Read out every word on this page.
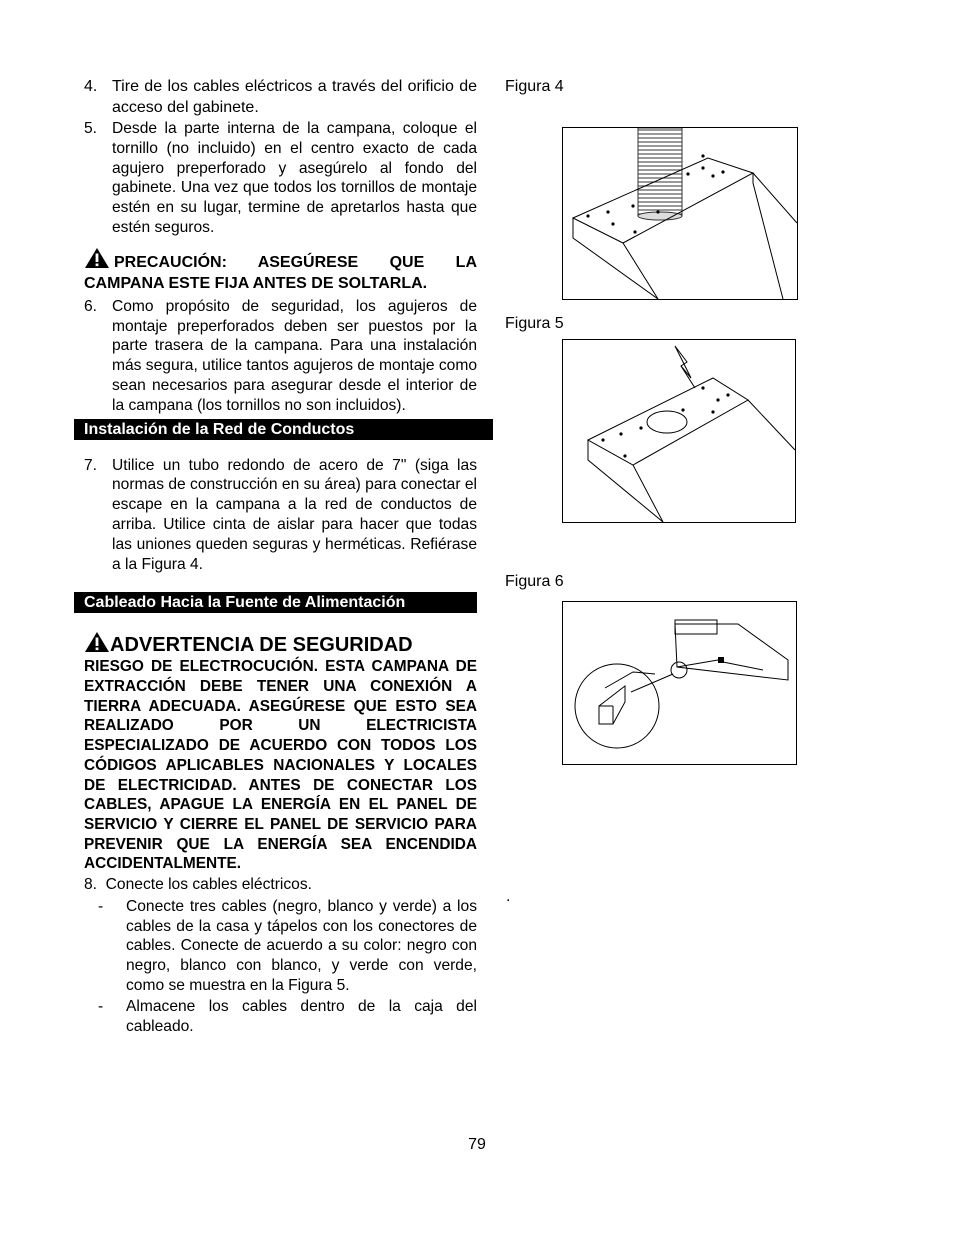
4. Tire de los cables eléctricos a través del orificio de acceso del gabinete.
5. Desde la parte interna de la campana, coloque el tornillo (no incluido) en el centro exacto de cada agujero preperforado y asegúrelo al fondo del gabinete. Una vez que todos los tornillos de montaje estén en su lugar, termine de apretarlos hasta que estén seguros.
PRECAUCIÓN: ASEGÚRESE QUE LA CAMPANA ESTE FIJA ANTES DE SOLTARLA.
6. Como propósito de seguridad, los agujeros de montaje preperforados deben ser puestos por la parte trasera de la campana. Para una instalación más segura, utilice tantos agujeros de montaje como sean necesarios para asegurar desde el interior de la campana (los tornillos no son incluidos).
Instalación de la Red de Conductos
7. Utilice un tubo redondo de acero de 7" (siga las normas de construcción en su área) para conectar el escape en la campana a la red de conductos de arriba. Utilice cinta de aislar para hacer que todas las uniones queden seguras y herméticas. Refiérase a la Figura 4.
Cableado Hacia la Fuente de Alimentación
ADVERTENCIA DE SEGURIDAD
RIESGO DE ELECTROCUCIÓN. ESTA CAMPANA DE EXTRACCIÓN DEBE TENER UNA CONEXIÓN A TIERRA ADECUADA. ASEGÚRESE QUE ESTO SEA REALIZADO POR UN ELECTRICISTA ESPECIALIZADO DE ACUERDO CON TODOS LOS CÓDIGOS APLICABLES NACIONALES Y LOCALES DE ELECTRICIDAD. ANTES DE CONECTAR LOS CABLES, APAGUE LA ENERGÍA EN EL PANEL DE SERVICIO Y CIERRE EL PANEL DE SERVICIO PARA PREVENIR QUE LA ENERGÍA SEA ENCENDIDA ACCIDENTALMENTE.
8.  Conecte los cables eléctricos.
-	Conecte tres cables (negro, blanco y verde) a los cables de la casa y tápelos con los conectores de cables. Conecte de acuerdo a su color: negro con negro, blanco con blanco, y verde con verde, como se muestra en la Figura 5.
-	Almacene los cables dentro de la caja del cableado.
Figura 4
Figura 5
Figura 6
.
79
